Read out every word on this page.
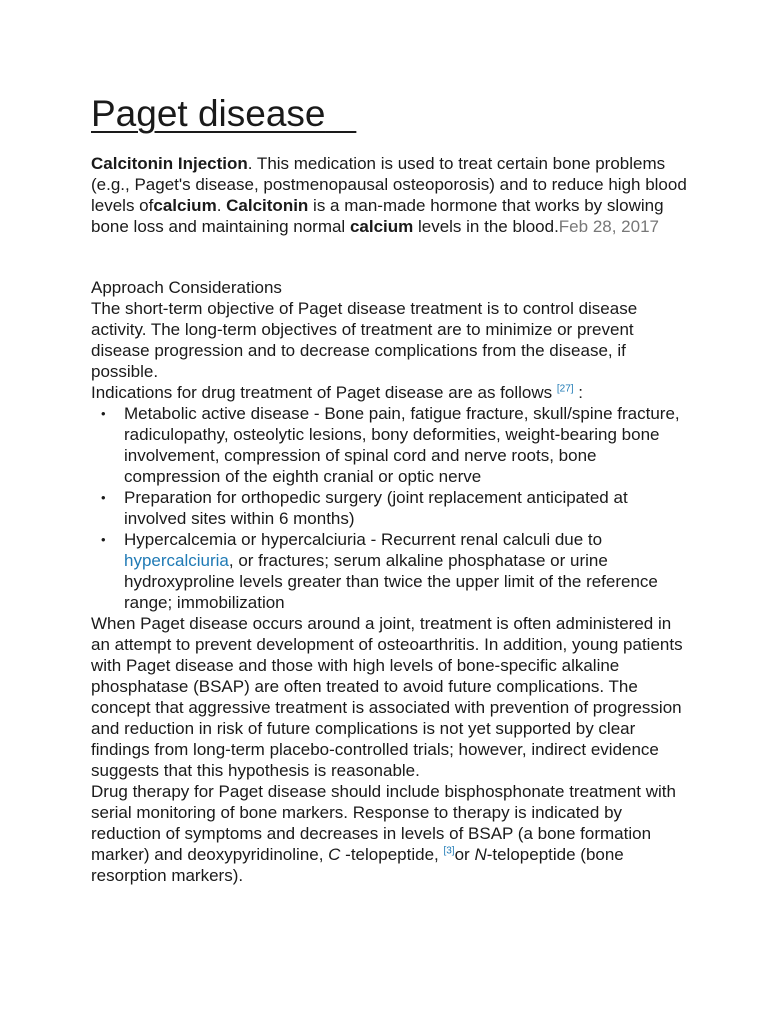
Paget disease

Calcitonin Injection. This medication is used to treat certain bone problems (e.g., Paget's disease, postmenopausal osteoporosis) and to reduce high blood levels ofcalcium. Calcitonin is a man-made hormone that works by slowing bone loss and maintaining normal calcium levels in the blood.Feb 28, 2017

Approach Considerations

The short-term objective of Paget disease treatment is to control disease activity. The long-term objectives of treatment are to minimize or prevent disease progression and to decrease complications from the disease, if possible.

Indications for drug treatment of Paget disease are as follows [27] :

• Metabolic active disease - Bone pain, fatigue fracture, skull/spine fracture, radiculopathy, osteolytic lesions, bony deformities, weight-bearing bone involvement, compression of spinal cord and nerve roots, bone compression of the eighth cranial or optic nerve
• Preparation for orthopedic surgery (joint replacement anticipated at involved sites within 6 months)
• Hypercalcemia or hypercalciuria - Recurrent renal calculi due to hypercalciuria, or fractures; serum alkaline phosphatase or urine hydroxyproline levels greater than twice the upper limit of the reference range; immobilization

When Paget disease occurs around a joint, treatment is often administered in an attempt to prevent development of osteoarthritis. In addition, young patients with Paget disease and those with high levels of bone-specific alkaline phosphatase (BSAP) are often treated to avoid future complications. The concept that aggressive treatment is associated with prevention of progression and reduction in risk of future complications is not yet supported by clear findings from long-term placebo-controlled trials; however, indirect evidence suggests that this hypothesis is reasonable.

Drug therapy for Paget disease should include bisphosphonate treatment with serial monitoring of bone markers. Response to therapy is indicated by reduction of symptoms and decreases in levels of BSAP (a bone formation marker) and deoxypyridinoline, C -telopeptide, [3]or N-telopeptide (bone resorption markers).
